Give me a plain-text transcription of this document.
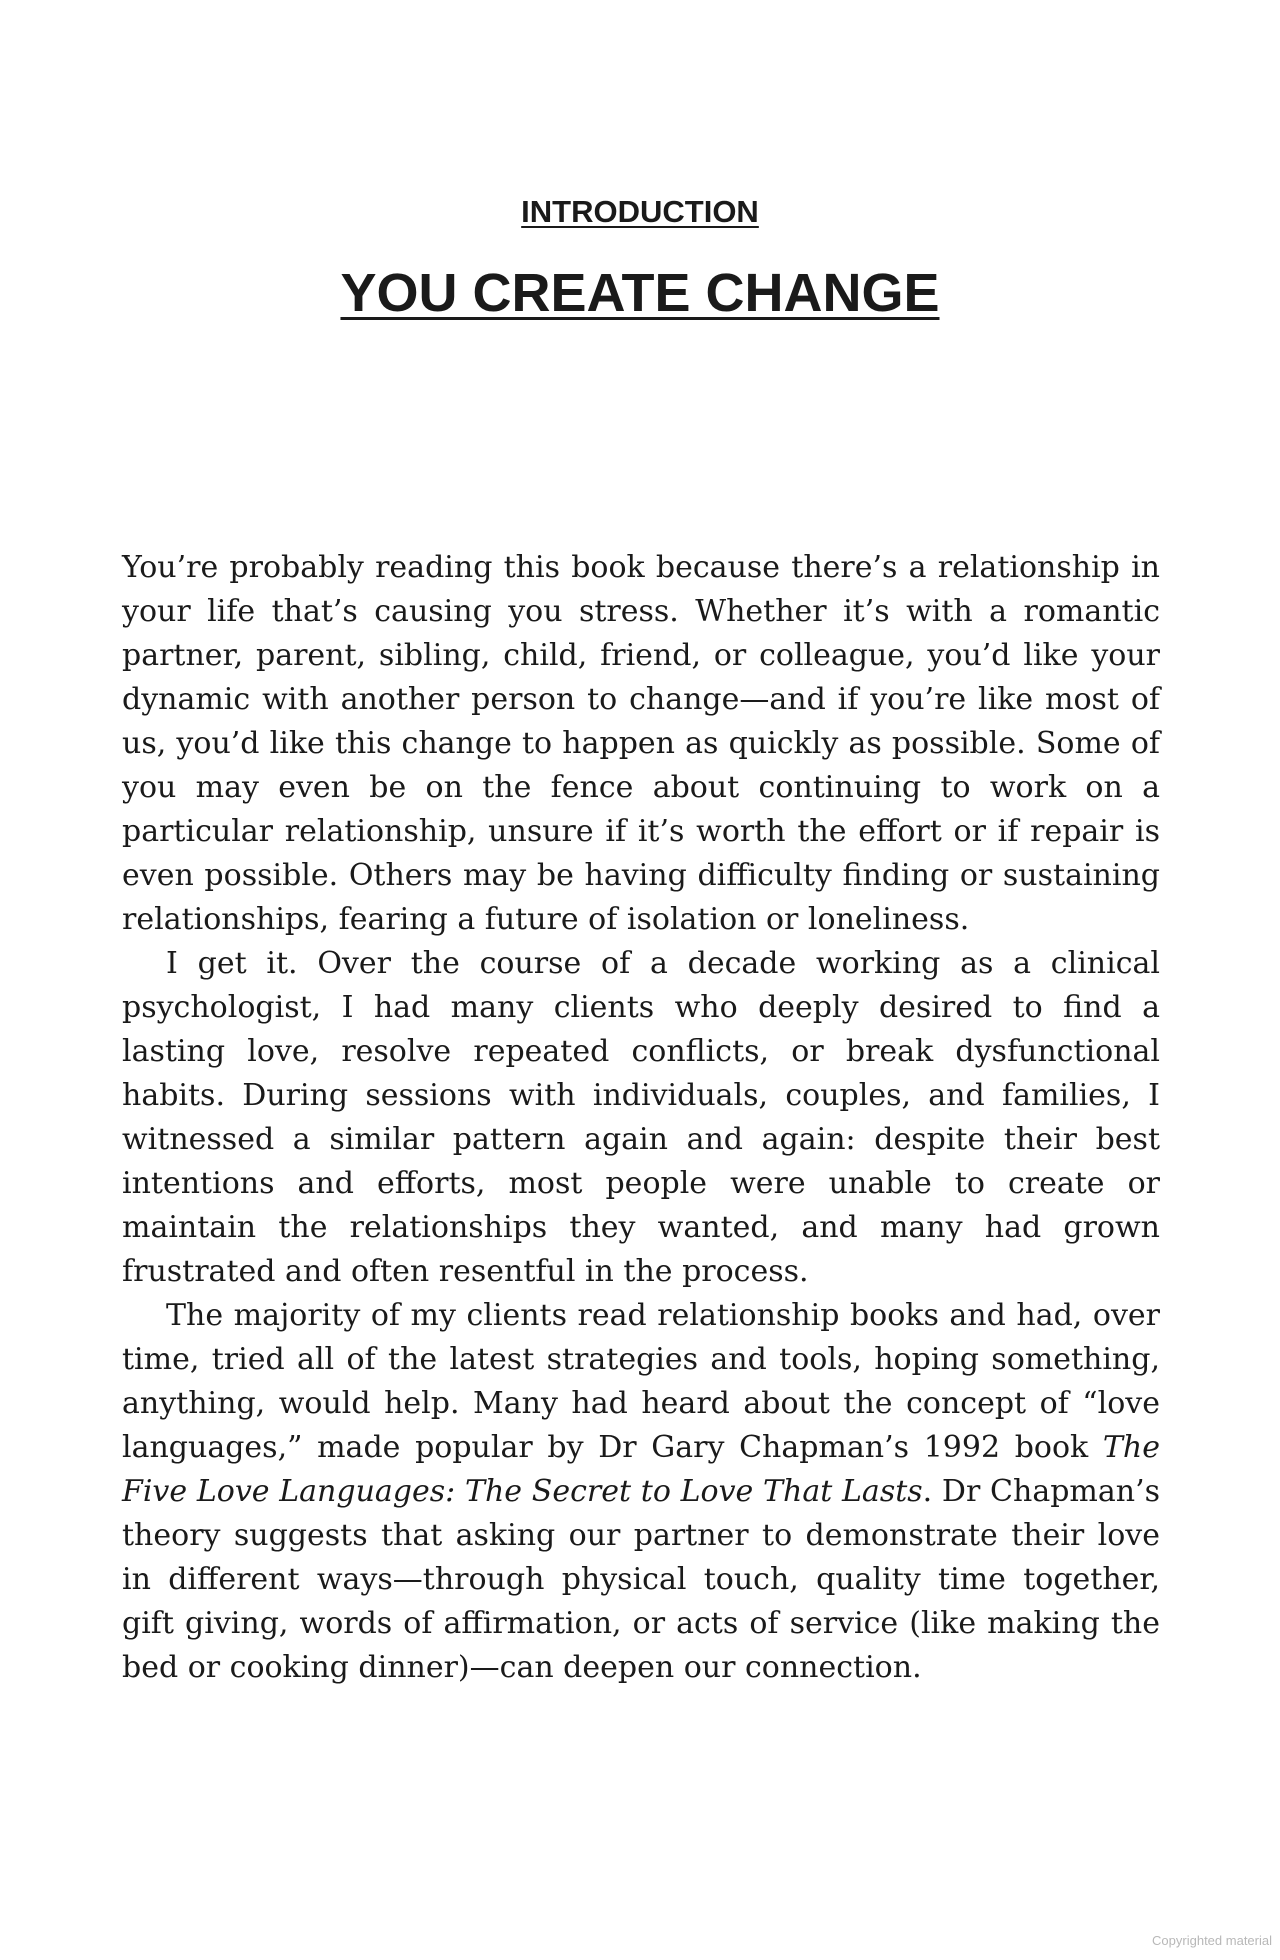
INTRODUCTION
YOU CREATE CHANGE

You’re probably reading this book because there’s a relationship in your life that’s causing you stress. Whether it’s with a romantic partner, parent, sibling, child, friend, or colleague, you’d like your dynamic with another person to change—and if you’re like most of us, you’d like this change to happen as quickly as possible. Some of you may even be on the fence about continuing to work on a particular relationship, unsure if it’s worth the effort or if repair is even possible. Others may be having difficulty finding or sustaining relationships, fearing a future of isolation or loneliness.

I get it. Over the course of a decade working as a clinical psychologist, I had many clients who deeply desired to find a lasting love, resolve repeated conflicts, or break dysfunctional habits. During sessions with individuals, couples, and families, I witnessed a similar pattern again and again: despite their best intentions and efforts, most people were unable to create or maintain the relationships they wanted, and many had grown frustrated and often resentful in the process.

The majority of my clients read relationship books and had, over time, tried all of the latest strategies and tools, hoping something, anything, would help. Many had heard about the concept of “love languages,” made popular by Dr Gary Chapman’s 1992 book The Five Love Languages: The Secret to Love That Lasts. Dr Chapman’s theory suggests that asking our partner to demonstrate their love in different ways—through physical touch, quality time together, gift giving, words of affirmation, or acts of service (like making the bed or cooking dinner)—can deepen our connection.

Copyrighted material
